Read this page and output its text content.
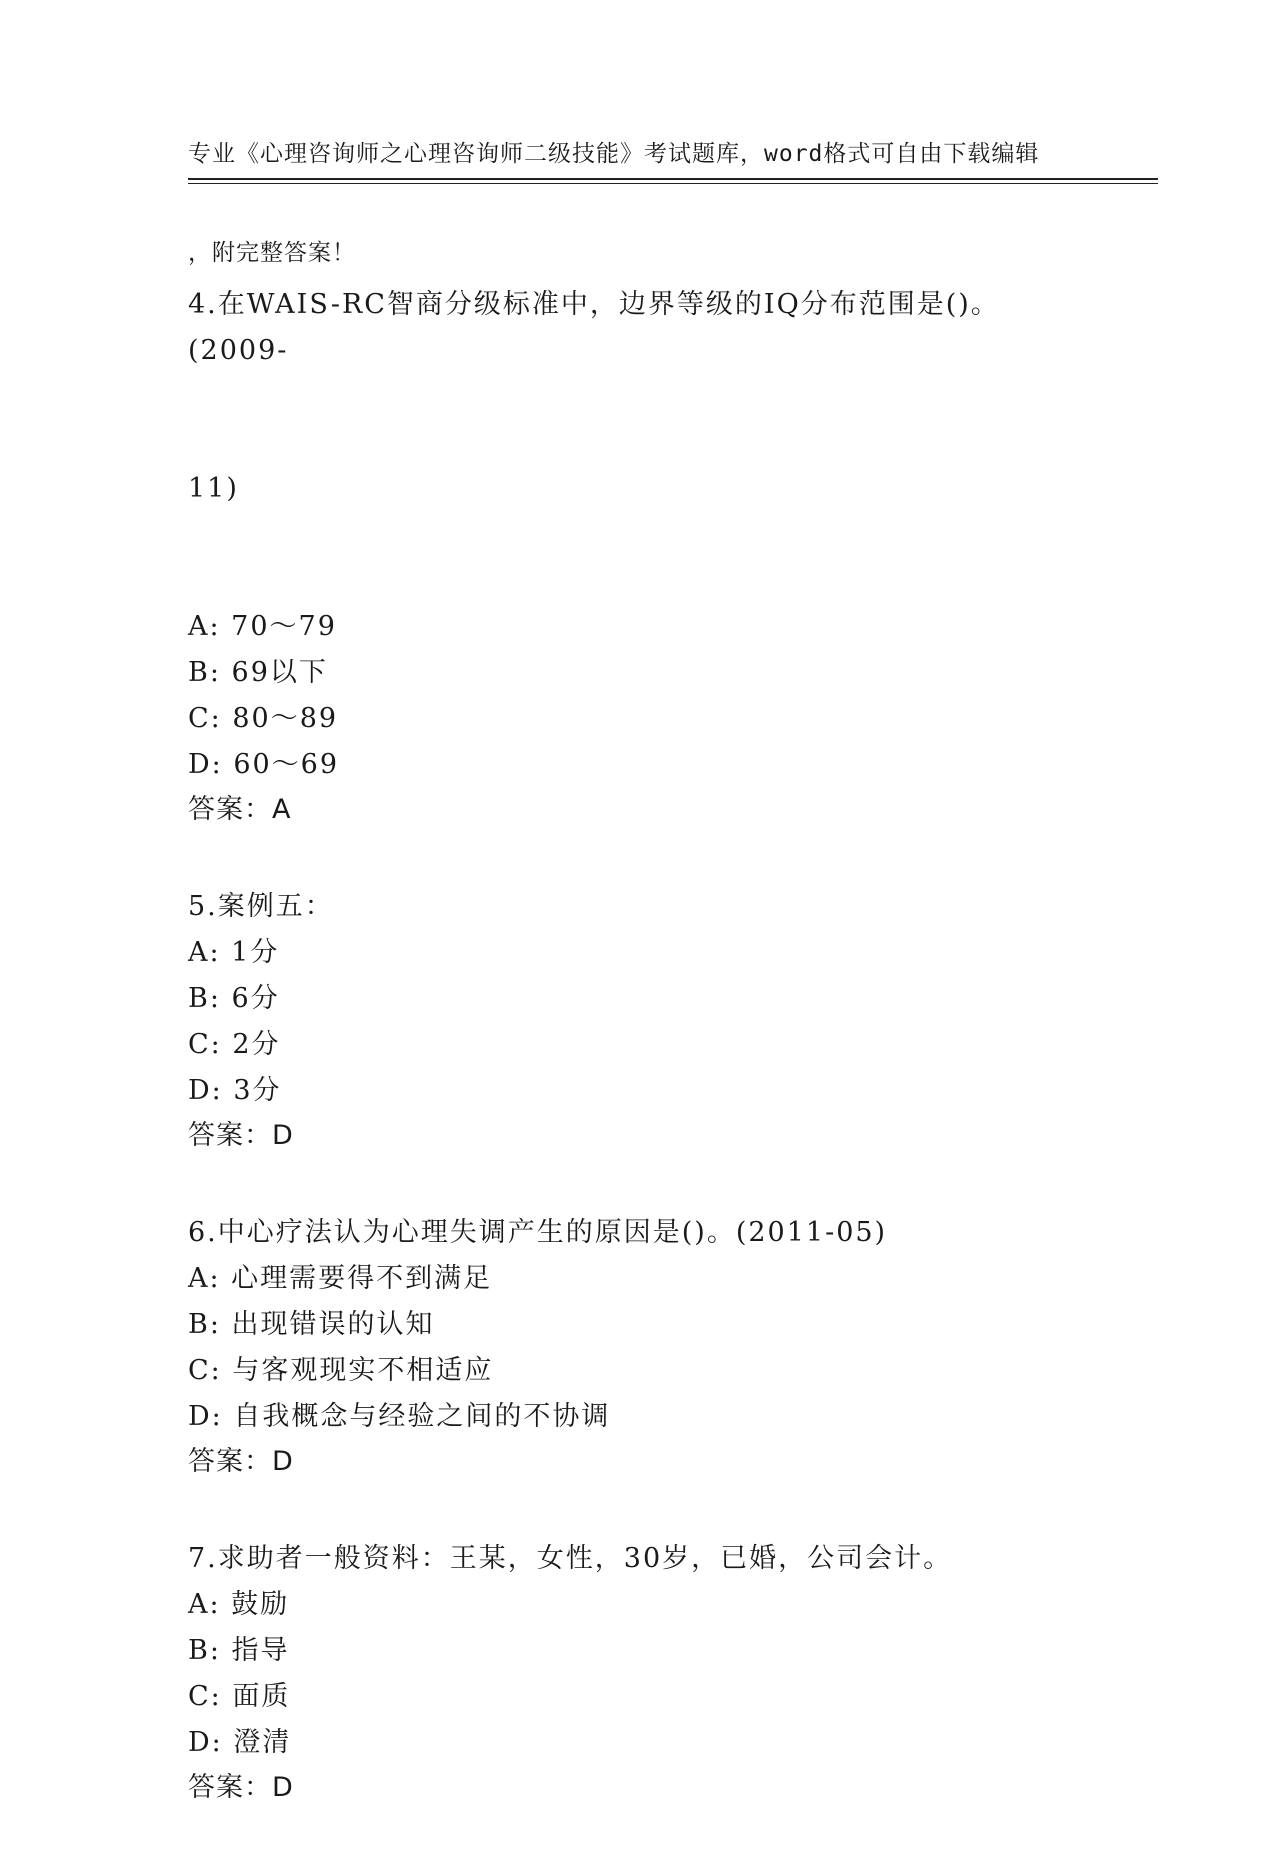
专业《心理咨询师之心理咨询师二级技能》考试题库，word格式可自由下载编辑

，附完整答案！

4.在WAIS-RC智商分级标准中，边界等级的IQ分布范围是()。(2009-

11)

A: 70～79
B: 69以下
C: 80～89
D: 60～69
答案：A
5.案例五：
A: 1分
B: 6分
C: 2分
D: 3分
答案：D
6.中心疗法认为心理失调产生的原因是()。(2011-05)
A: 心理需要得不到满足
B: 出现错误的认知
C: 与客观现实不相适应
D: 自我概念与经验之间的不协调
答案：D
7.求助者一般资料：王某，女性，30岁，已婚，公司会计。
A: 鼓励
B: 指导
C: 面质
D: 澄清
答案：D
